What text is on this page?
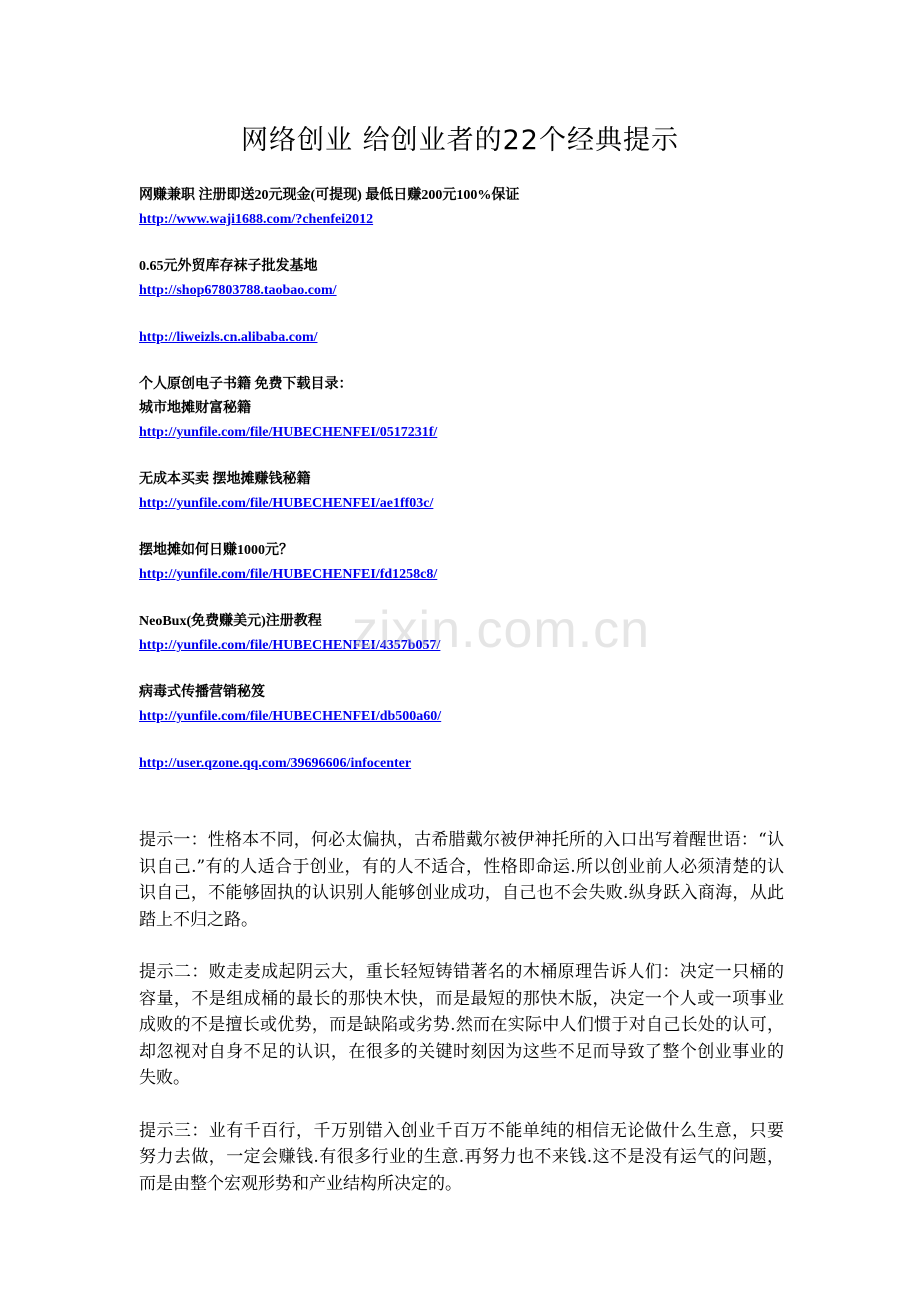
网络创业 给创业者的22个经典提示
网赚兼职 注册即送20元现金(可提现) 最低日赚200元100%保证
http://www.waji1688.com/?chenfei2012
0.65元外贸库存袜子批发基地
http://shop67803788.taobao.com/
http://liweizls.cn.alibaba.com/
个人原创电子书籍 免费下载目录：
城市地摊财富秘籍
http://yunfile.com/file/HUBECHENFEI/0517231f/
无成本买卖 摆地摊赚钱秘籍
http://yunfile.com/file/HUBECHENFEI/ae1ff03c/
摆地摊如何日赚1000元？
http://yunfile.com/file/HUBECHENFEI/fd1258c8/
NeoBux(免费赚美元)注册教程
http://yunfile.com/file/HUBECHENFEI/4357b057/
病毒式传播营销秘笈
http://yunfile.com/file/HUBECHENFEI/db500a60/
http://user.qzone.qq.com/39696606/infocenter

提示一：性格本不同，何必太偏执，古希腊戴尔被伊神托所的入口出写着醒世语：“认识自己.”有的人适合于创业，有的人不适合，性格即命运.所以创业前人必须清楚的认识自己，不能够固执的认识别人能够创业成功，自己也不会失败.纵身跃入商海，从此踏上不归之路。

提示二：败走麦成起阴云大，重长轻短铸错著名的木桶原理告诉人们：决定一只桶的容量，不是组成桶的最长的那快木快，而是最短的那快木版，决定一个人或一项事业成败的不是擅长或优势，而是缺陷或劣势.然而在实际中人们惯于对自己长处的认可，却忽视对自身不足的认识，在很多的关键时刻因为这些不足而导致了整个创业事业的失败。

提示三：业有千百行，千万别错入创业千百万不能单纯的相信无论做什么生意，只要努力去做，一定会赚钱.有很多行业的生意.再努力也不来钱.这不是没有运气的问题，而是由整个宏观形势和产业结构所决定的。

zixin.com.cn
